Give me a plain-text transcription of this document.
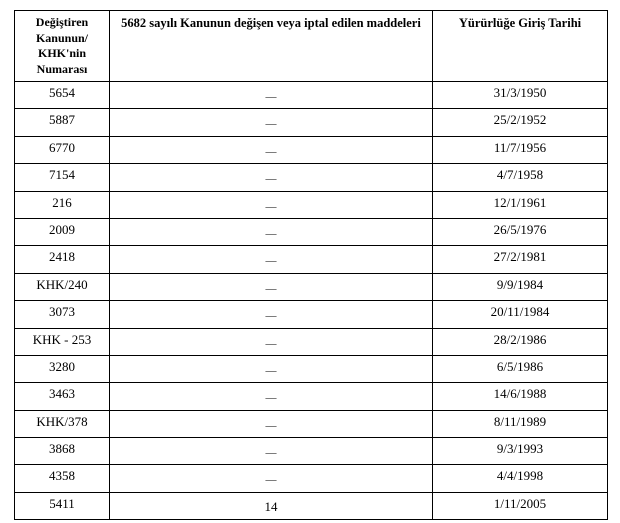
Değiştiren
Kanunun/
KHK'nin
Numarası	5682 sayılı Kanunun değişen veya iptal edilen maddeleri	Yürürlüğe Giriş Tarihi
5654	—	31/3/1950
5887	—	25/2/1952
6770	—	11/7/1956
7154	—	4/7/1958
216	—	12/1/1961
2009	—	26/5/1976
2418	—	27/2/1981
KHK/240	—	9/9/1984
3073	—	20/11/1984
KHK - 253	—	28/2/1986
3280	—	6/5/1986
3463	—	14/6/1988
KHK/378	—	8/11/1989
3868	—	9/3/1993
4358	—	4/4/1998
5411	14	1/11/2005
